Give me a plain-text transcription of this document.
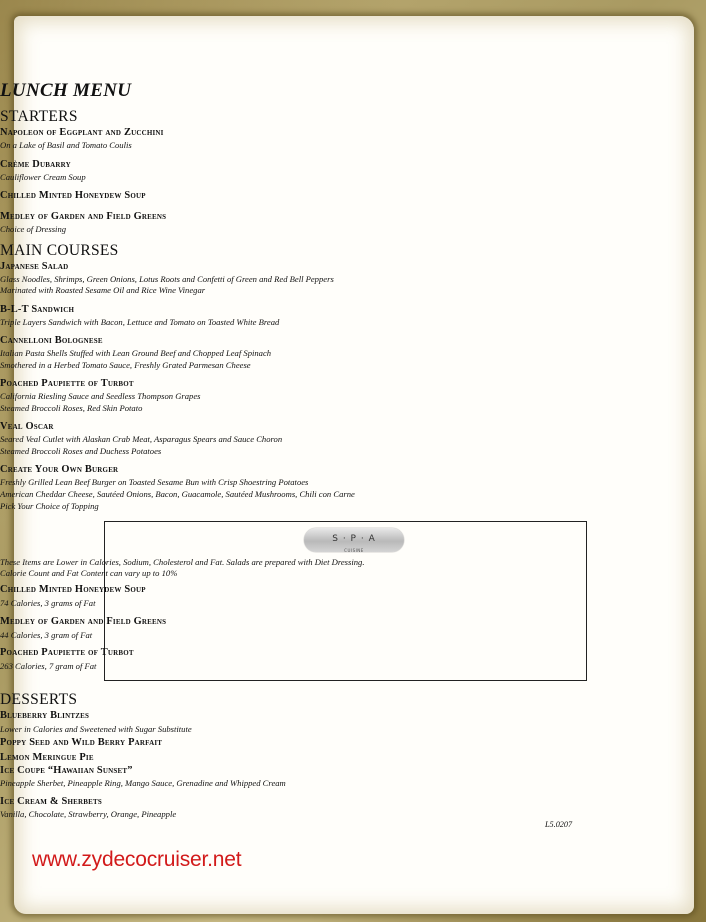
LUNCH MENU
STARTERS
Napoleon of Eggplant and Zucchini
On a Lake of Basil and Tomato Coulis
Crème Dubarry
Cauliflower Cream Soup
Chilled Minted Honeydew Soup
Medley of Garden and Field Greens
Choice of Dressing
MAIN COURSES
Japanese Salad
Glass Noodles, Shrimps, Green Onions, Lotus Roots and Confetti of Green and Red Bell Peppers
Marinated with Roasted Sesame Oil and Rice Wine Vinegar
B-L-T Sandwich
Triple Layers Sandwich with Bacon, Lettuce and Tomato on Toasted White Bread
Cannelloni Bolognese
Italian Pasta Shells Stuffed with Lean Ground Beef and Chopped Leaf Spinach
Smothered in a Herbed Tomato Sauce, Freshly Grated Parmesan Cheese
Poached Paupiette of Turbot
California Riesling Sauce and Seedless Thompson Grapes
Steamed Broccoli Roses, Red Skin Potato
Veal Oscar
Seared Veal Cutlet with Alaskan Crab Meat, Asparagus Spears and Sauce Choron
Steamed Broccoli Roses and Duchess Potatoes
Create Your Own Burger
Freshly Grilled Lean Beef Burger on Toasted Sesame Bun with Crisp Shoestring Potatoes
American Cheddar Cheese, Sautéed Onions, Bacon, Guacamole, Sautéed Mushrooms, Chili con Carne
Pick Your Choice of Topping
S · P · A
CUISINE
These Items are Lower in Calories, Sodium, Cholesterol and Fat. Salads are prepared with Diet Dressing.
Calorie Count and Fat Content can vary up to 10%
Chilled Minted Honeydew Soup
74 Calories, 3 grams of Fat
Medley of Garden and Field Greens
44 Calories, 3 gram of Fat
Poached Paupiette of Turbot
263 Calories, 7 gram of Fat
DESSERTS
Blueberry Blintzes
Lower in Calories and Sweetened with Sugar Substitute
Poppy Seed and Wild Berry Parfait
Lemon Meringue Pie
Ice Coupe “Hawaiian Sunset”
Pineapple Sherbet, Pineapple Ring, Mango Sauce, Grenadine and Whipped Cream
Ice Cream & Sherbets
Vanilla, Chocolate, Strawberry, Orange, Pineapple
L5.0207
www.zydecocruiser.net
